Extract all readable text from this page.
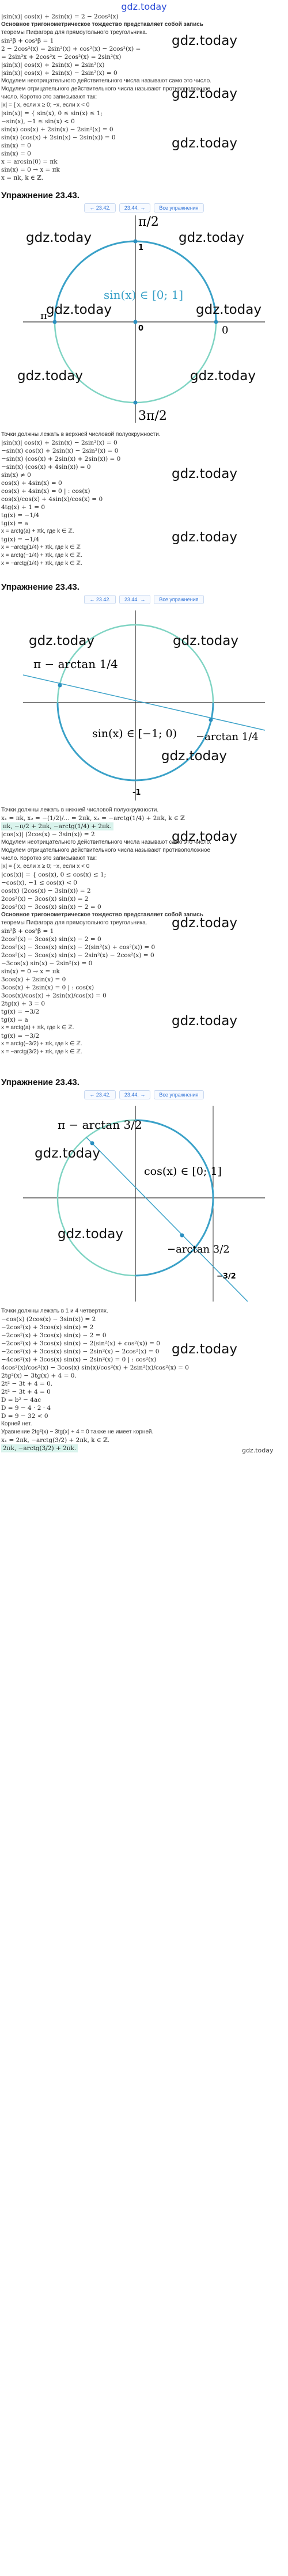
gdz.today
|sin(x)| cos(x) + 2sin(x) = 2 − 2cos²(x)
Основное тригонометрическое тождество представляет собой запись
теоремы Пифагора для прямоугольного треугольника.
sin²β + cos²β = 1
2 − 2cos²(x) = 2sin²(x) + cos²(x) − 2cos²(x) =
= 2sin²x + 2cos²x − 2cos²(x) = 2sin²(x)
|sin(x)| cos(x) + 2sin(x) = 2sin²(x)
|sin(x)| cos(x) + 2sin(x) − 2sin²(x) = 0
Модулем неотрицательного действительного числа называют само это число.
Модулем отрицательного действительного числа называют противоположное
число. Коротко это записывают так:
|x| = { x, если x ≥ 0; −x, если x < 0
|sin(x)| = { sin(x), 0 ≤ sin(x) ≤ 1;
−sin(x), −1 ≤ sin(x) < 0
sin(x) cos(x) + 2sin(x) − 2sin²(x) = 0
sin(x) (cos(x) + 2sin(x) − 2sin(x)) = 0
sin(x) = 0
sin(x) = 0
x = arcsin(0) = πk
sin(x) = 0 → x = πk
x = πk, k ∈ ℤ.
Упражнение 23.43.
← 23.42.	23.44. →	Все упражнения
π/2
3π/2
π
0
0
1
sin(x) ∈ [0; 1]
Точки должны лежать в верхней числовой полуокружности.
|sin(x)| cos(x) + 2sin(x) − 2sin²(x) = 0
−sin(x) cos(x) + 2sin(x) − 2sin²(x) = 0
−sin(x) (cos(x) + 2sin(x) + 2sin(x)) = 0
−sin(x) (cos(x) + 4sin(x)) = 0
sin(x) ≠ 0
cos(x) + 4sin(x) = 0
cos(x) + 4sin(x) = 0 | : cos(x)
cos(x)/cos(x) + 4sin(x)/cos(x) = 0
4tg(x) + 1 = 0
tg(x) = −1/4
tg(x) = a
x = arctg(a) + πk, где k ∈ ℤ.
tg(x) = −1/4
x = −arctg(1/4) + πk, где k ∈ ℤ
x = arctg(−1/4) + πk, где k ∈ ℤ.
x = −arctg(1/4) + πk, где k ∈ ℤ.
Упражнение 23.43.
← 23.42.	23.44. →	Все упражнения
π − arctan 1/4
−arctan 1/4
sin(x) ∈ [−1; 0)
-1
Точки должны лежать в нижней числовой полуокружности.
x₁ = πk, x₂ = −(1/2)/... = 2πk, x₃ = −arctg(1/4) + 2πk, k ∈ ℤ
πk, −π/2 + 2πk, −arctg(1/4) + 2πk.
|cos(x)| (2cos(x) − 3sin(x)) = 2
Модулем неотрицательного действительного числа называют само это число.
Модулем отрицательного действительного числа называют противоположное
число. Коротко это записывают так:
|x| = { x, если x ≥ 0; −x, если x < 0
|cos(x)| = { cos(x), 0 ≤ cos(x) ≤ 1;
−cos(x), −1 ≤ cos(x) < 0
cos(x) (2cos(x) − 3sin(x)) = 2
2cos²(x) − 3cos(x) sin(x) = 2
2cos²(x) − 3cos(x) sin(x) − 2 = 0
Основное тригонометрическое тождество представляет собой запись
теоремы Пифагора для прямоугольного треугольника.
sin²β + cos²β = 1
2cos²(x) − 3cos(x) sin(x) − 2 = 0
2cos²(x) − 3cos(x) sin(x) − 2(sin²(x) + cos²(x)) = 0
2cos²(x) − 3cos(x) sin(x) − 2sin²(x) − 2cos²(x) = 0
−3cos(x) sin(x) − 2sin²(x) = 0
sin(x) = 0 → x = πk
3cos(x) + 2sin(x) = 0
3cos(x) + 2sin(x) = 0 | : cos(x)
3cos(x)/cos(x) + 2sin(x)/cos(x) = 0
2tg(x) + 3 = 0
tg(x) = −3/2
tg(x) = a
x = arctg(a) + πk, где k ∈ ℤ.
tg(x) = −3/2
x = arctg(−3/2) + πk, где k ∈ ℤ.
x = −arctg(3/2) + πk, где k ∈ ℤ.
Упражнение 23.43.
← 23.42.	23.44. →	Все упражнения
π − arctan 3/2
−arctan 3/2
cos(x) ∈ [0; 1]
−3/2
Точки должны лежать в 1 и 4 четвертях.
−cos(x) (2cos(x) − 3sin(x)) = 2
−2cos²(x) + 3cos(x) sin(x) = 2
−2cos²(x) + 3cos(x) sin(x) − 2 = 0
−2cos²(x) + 3cos(x) sin(x) − 2(sin²(x) + cos²(x)) = 0
−2cos²(x) + 3cos(x) sin(x) − 2sin²(x) − 2cos²(x) = 0
−4cos²(x) + 3cos(x) sin(x) − 2sin²(x) = 0 | : cos²(x)
4cos²(x)/cos²(x) − 3cos(x) sin(x)/cos²(x) + 2sin²(x)/cos²(x) = 0
2tg²(x) − 3tg(x) + 4 = 0.
2t² − 3t + 4 = 0.
2t² − 3t + 4 = 0
D = b² − 4ac
D = 9 − 4 · 2 · 4
D = 9 − 32 < 0
Корней нет.
Уравнение 2tg²(x) − 3tg(x) + 4 = 0 также не имеет корней.
x₁ = 2πk, −arctg(3/2) + 2πk, k ∈ ℤ.
2πk, −arctg(3/2) + 2πk.
gdz.today
gdz.today
gdz.today
gdz.today	gdz.today
gdz.today	gdz.today
gdz.today	gdz.today
gdz.today
gdz.today
gdz.today	gdz.today
gdz.today
gdz.today
gdz.today
gdz.today
gdz.today
gdz.today
gdz.today
gdz.today
